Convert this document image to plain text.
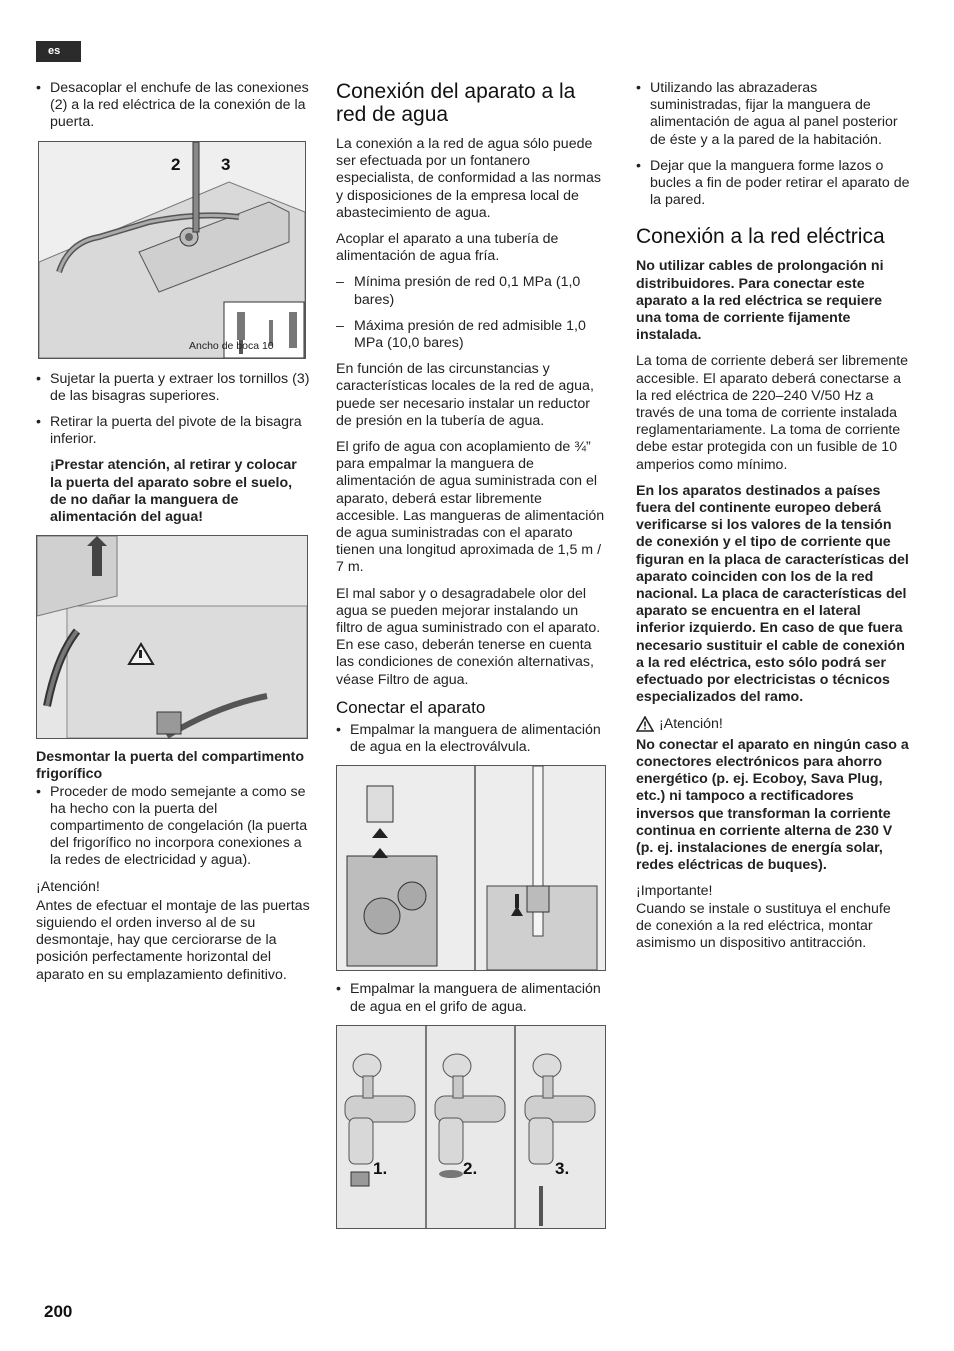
es
• Desacoplar el enchufe de las conexiones (2) a la red eléctrica de la conexión de la puerta.
2 3
Ancho de boca 10
• Sujetar la puerta y extraer los tornillos (3) de las bisagras superiores.
• Retirar la puerta del pivote de la bisagra inferior.

¡Prestar atención, al retirar y colocar la puerta del aparato sobre el suelo, de no dañar la manguera de alimentación del agua!

Desmontar la puerta del compartimento frigorífico

• Proceder de modo semejante a como se ha hecho con la puerta del compartimento de congelación (la puerta del frigorífico no incorpora conexiones a la redes de electricidad y agua).

¡Atención!

Antes de efectuar el montaje de las puertas siguiendo el orden inverso al de su desmontaje, hay que cerciorarse de la posición perfectamente horizontal del aparato en su emplazamiento definitivo.

Conexión del aparato a la red de agua

La conexión a la red de agua sólo puede ser efectuada por un fontanero especialista, de conformidad a las normas y disposiciones de la empresa local de abastecimiento de agua.

Acoplar el aparato a una tubería de alimentación de agua fría.

– Mínima presión de red 0,1 MPa (1,0 bares)
– Máxima presión de red admisible 1,0 MPa (10,0 bares)

En función de las circunstancias y características locales de la red de agua, puede ser necesario instalar un reductor de presión en la tubería de agua.

El grifo de agua con acoplamiento de ¾” para empalmar la manguera de alimentación de agua suministrada con el aparato, deberá estar libremente accesible. Las mangueras de alimentación de agua suministradas con el aparato tienen una longitud aproximada de 1,5 m / 7 m.

El mal sabor y o desagradabele olor del agua se pueden mejorar instalando un filtro de agua suministrado con el aparato. En ese caso, deberán tenerse en cuenta las condiciones de conexión alternativas, véase Filtro de agua.

Conectar el aparato
• Empalmar la manguera de alimentación de agua en la electroválvula.
• Empalmar la manguera de alimentación de agua en el grifo de agua.
1.	2.	3.
• Utilizando las abrazaderas suministradas, fijar la manguera de alimentación de agua al panel posterior de éste y a la pared de la habitación.
• Dejar que la manguera forme lazos o bucles a fin de poder retirar el aparato de la pared.
Conexión a la red eléctrica

No utilizar cables de prolongación ni distribuidores. Para conectar este aparato a la red eléctrica se requiere una toma de corriente fijamente instalada.

La toma de corriente deberá ser libremente accesible. El aparato deberá conectarse a la red eléctrica de 220–240 V/50 Hz a través de una toma de corriente instalada reglamentariamente. La toma de corriente debe estar protegida con un fusible de 10 amperios como mínimo.

En los aparatos destinados a países fuera del continente europeo deberá verificarse si los valores de la tensión de conexión y el tipo de corriente que figuran en la placa de características del aparato coinciden con los de la red nacional. La placa de características del aparato se encuentra en el lateral inferior izquierdo. En caso de que fuera necesario sustituir el cable de conexión a la red eléctrica, esto sólo podrá ser efectuado por electricistas o técnicos especializados del ramo.

¡Atención!

No conectar el aparato en ningún caso a conectores electrónicos para ahorro energético (p. ej. Ecoboy, Sava Plug, etc.) ni tampoco a rectificadores inversos que transforman la corriente continua en corriente alterna de 230 V (p. ej. instalaciones de energía solar, redes eléctricas de buques).

¡Importante!

Cuando se instale o sustituya el enchufe de conexión a la red eléctrica, montar asimismo un dispositivo antitracción.

200
